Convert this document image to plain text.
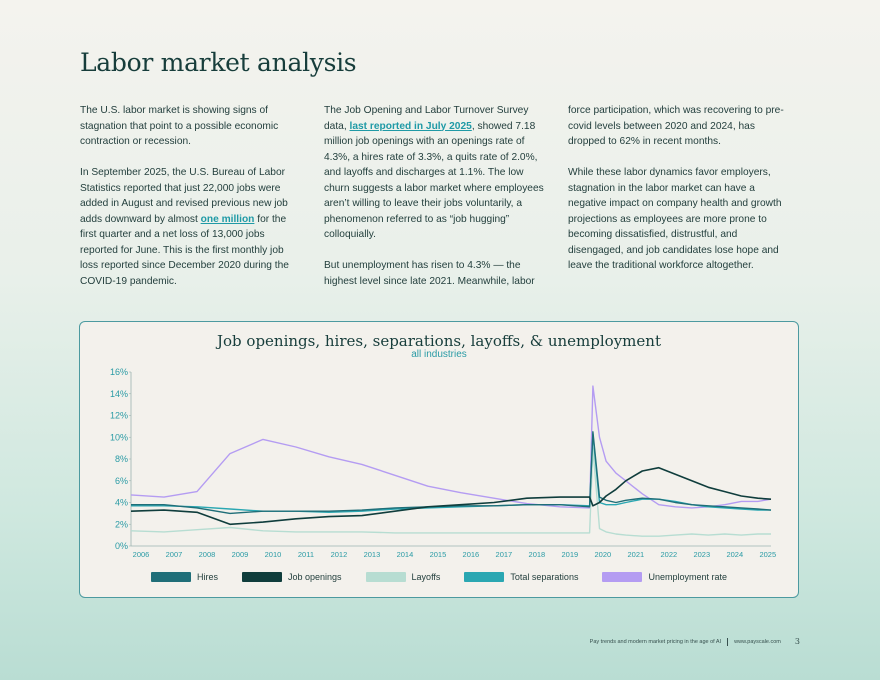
Labor market analysis

The U.S. labor market is showing signs of stagnation that point to a possible economic contraction or recession.

In September 2025, the U.S. Bureau of Labor Statistics reported that just 22,000 jobs were added in August and revised previous new job adds downward by almost one million for the first quarter and a net loss of 13,000 jobs reported for June. This is the first monthly job loss reported since December 2020 during the COVID-19 pandemic.

The Job Opening and Labor Turnover Survey data, last reported in July 2025, showed 7.18 million job openings with an openings rate of 4.3%, a hires rate of 3.3%, a quits rate of 2.0%, and layoffs and discharges at 1.1%. The low churn suggests a labor market where employees aren’t willing to leave their jobs voluntarily, a phenomenon referred to as “job hugging” colloquially.

But unemployment has risen to 4.3% — the highest level since late 2021. Meanwhile, labor

force participation, which was recovering to pre-covid levels between 2020 and 2024, has dropped to 62% in recent months.

While these labor dynamics favor employers, stagnation in the labor market can have a negative impact on company health and growth projections as employees are more prone to becoming dissatisfied, distrustful, and disengaged, and job candidates lose hope and leave the traditional workforce altogether.

Job openings, hires, separations, layoffs, & unemployment
all industries
0%
2%
4%
6%
8%
10%
12%
14%
16%
2006 2007 2008 2009 2010 2011 2012 2013 2014 2015 2016 2017 2018 2019 2020 2021 2022 2023 2024 2025
Hires	Job openings	Layoffs	Total separations	Unemployment rate
Pay trends and modern market pricing in the age of AI www.payscale.com 3
